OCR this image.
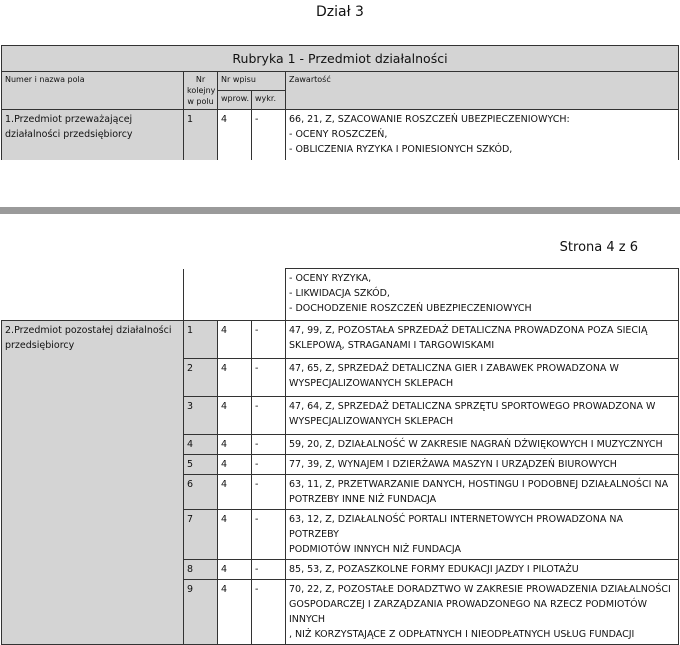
Dział 3
Rubryka 1 - Przedmiot działalności				
Numer i nazwa pola	Nr kolejny w polu	Nr wpisu		Zawartość
		wprow.	wykr.	
1.Przedmiot przeważającej działalności przedsiębiorcy	1	4	-	66, 21, Z, SZACOWANIE ROSZCZEŃ UBEZPIECZENIOWYCH:
- OCENY ROSZCZEŃ,
- OBLICZENIA RYZYKA I PONIESIONYCH SZKÓD,
Strona 4 z 6

				- OCENY RYZYKA,
- LIKWIDACJA SZKÓD,
- DOCHODZENIE ROSZCZEŃ UBEZPIECZENIOWYCH

2.Przedmiot pozostałej działalności przedsiębiorcy	1	4	-	47, 99, Z, POZOSTAŁA SPRZEDAŻ DETALICZNA PROWADZONA POZA SIECIĄ
SKLEPOWĄ, STRAGANAMI I TARGOWISKAMI

	2	4	-	47, 65, Z, SPRZEDAŻ DETALICZNA GIER I ZABAWEK PROWADZONA W
WYSPECJALIZOWANYCH SKLEPACH

	3	4	-	47, 64, Z, SPRZEDAŻ DETALICZNA SPRZĘTU SPORTOWEGO PROWADZONA W
WYSPECJALIZOWANYCH SKLEPACH

	4	4	-	59, 20, Z, DZIAŁALNOŚĆ W ZAKRESIE NAGRAŃ DŹWIĘKOWYCH I MUZYCZNYCH

	5	4	-	77, 39, Z, WYNAJEM I DZIERŻAWA MASZYN I URZĄDZEŃ BIUROWYCH

	6	4	-	63, 11, Z, PRZETWARZANIE DANYCH, HOSTINGU I PODOBNEJ DZIAŁALNOŚCI NA
POTRZEBY INNE NIŻ FUNDACJA

	7	4	-	63, 12, Z, DZIAŁALNOŚĆ PORTALI INTERNETOWYCH PROWADZONA NA POTRZEBY
PODMIOTÓW INNYCH NIŻ FUNDACJA

	8	4	-	85, 53, Z, POZASZKOLNE FORMY EDUKACJI JAZDY I PILOTAŻU

	9	4	-	70, 22, Z, POZOSTAŁE DORADZTWO W ZAKRESIE PROWADZENIA DZIAŁALNOŚCI
GOSPODARCZEJ I ZARZĄDZANIA PROWADZONEGO NA RZECZ PODMIOTÓW INNYCH
, NIŻ KORZYSTAJĄCE Z ODPŁATNYCH I NIEODPŁATNYCH USŁUG FUNDACJI
